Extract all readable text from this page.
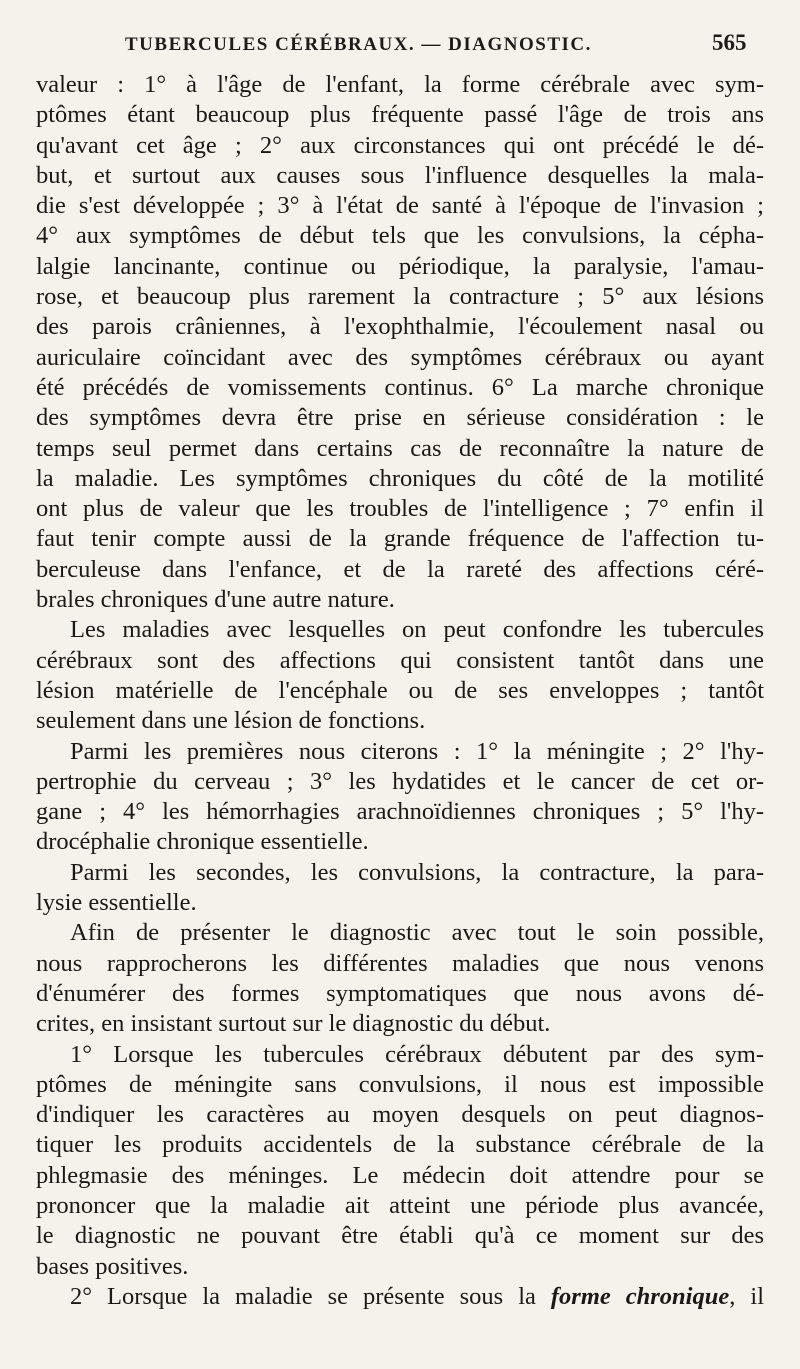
TUBERCULES CÉRÉBRAUX. — DIAGNOSTIC.	565
valeur : 1° à l'âge de l'enfant, la forme cérébrale avec sym-
ptômes étant beaucoup plus fréquente passé l'âge de trois ans
qu'avant cet âge ; 2° aux circonstances qui ont précédé le dé-
but, et surtout aux causes sous l'influence desquelles la mala-
die s'est développée ; 3° à l'état de santé à l'époque de l'invasion ;
4° aux symptômes de début tels que les convulsions, la cépha-
lalgie lancinante, continue ou périodique, la paralysie, l'amau-
rose, et beaucoup plus rarement la contracture ; 5° aux lésions
des parois crâniennes, à l'exophthalmie, l'écoulement nasal ou
auriculaire coïncidant avec des symptômes cérébraux ou ayant
été précédés de vomissements continus. 6° La marche chronique
des symptômes devra être prise en sérieuse considération : le
temps seul permet dans certains cas de reconnaître la nature de
la maladie. Les symptômes chroniques du côté de la motilité
ont plus de valeur que les troubles de l'intelligence ; 7° enfin il
faut tenir compte aussi de la grande fréquence de l'affection tu-
berculeuse dans l'enfance, et de la rareté des affections céré-
brales chroniques d'une autre nature.
Les maladies avec lesquelles on peut confondre les tubercules
cérébraux sont des affections qui consistent tantôt dans une
lésion matérielle de l'encéphale ou de ses enveloppes ; tantôt
seulement dans une lésion de fonctions.
Parmi les premières nous citerons : 1° la méningite ; 2° l'hy-
pertrophie du cerveau ; 3° les hydatides et le cancer de cet or-
gane ; 4° les hémorrhagies arachnoïdiennes chroniques ; 5° l'hy-
drocéphalie chronique essentielle.
Parmi les secondes, les convulsions, la contracture, la para-
lysie essentielle.
Afin de présenter le diagnostic avec tout le soin possible,
nous rapprocherons les différentes maladies que nous venons
d'énumérer des formes symptomatiques que nous avons dé-
crites, en insistant surtout sur le diagnostic du début.
1° Lorsque les tubercules cérébraux débutent par des sym-
ptômes de méningite sans convulsions, il nous est impossible
d'indiquer les caractères au moyen desquels on peut diagnos-
tiquer les produits accidentels de la substance cérébrale de la
phlegmasie des méninges. Le médecin doit attendre pour se
prononcer que la maladie ait atteint une période plus avancée,
le diagnostic ne pouvant être établi qu'à ce moment sur des
bases positives.
2° Lorsque la maladie se présente sous la forme chronique, il
